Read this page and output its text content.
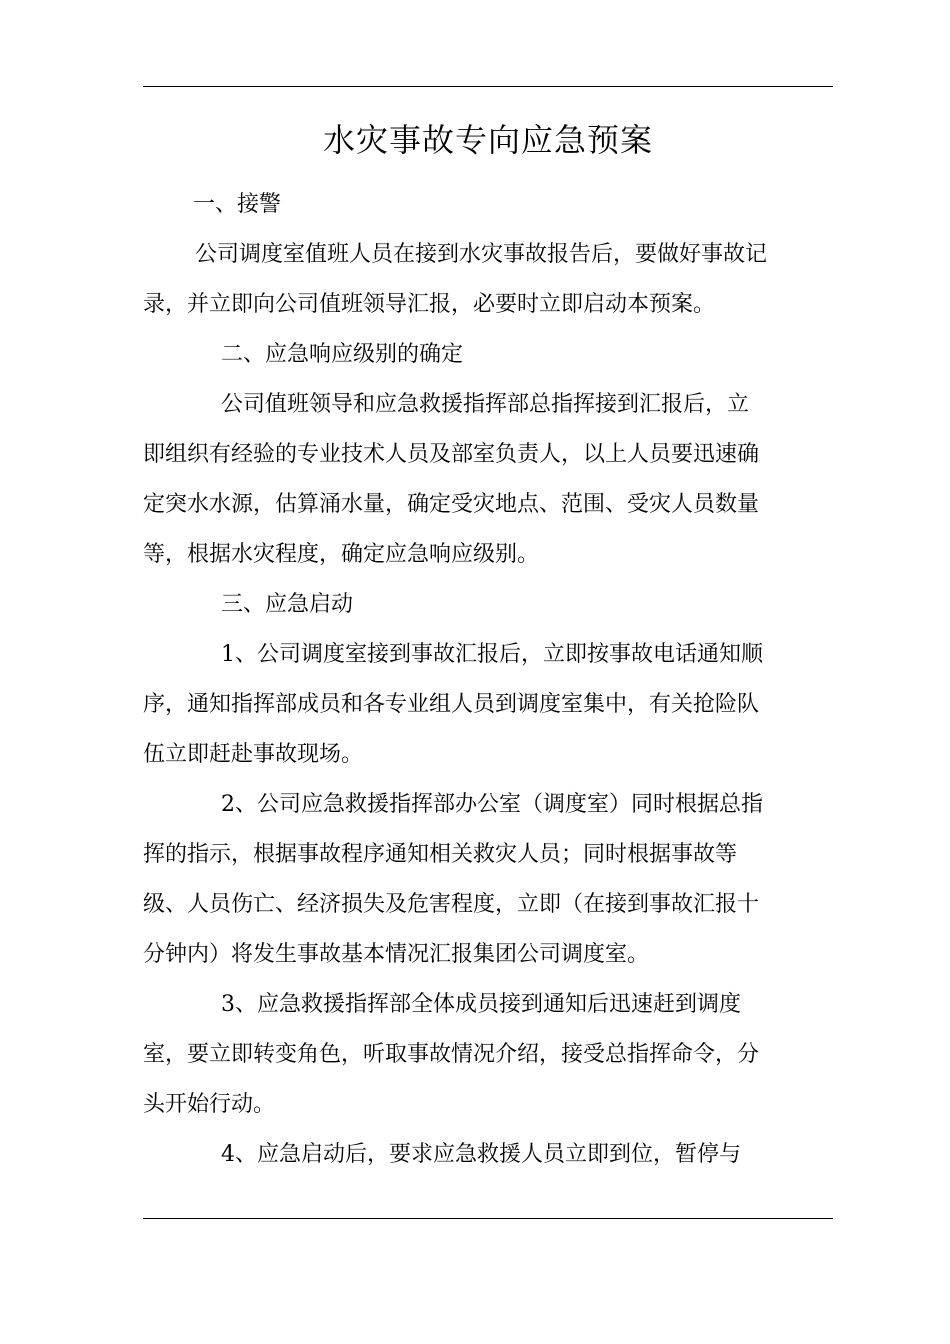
水灾事故专向应急预案

一、接警

公司调度室值班人员在接到水灾事故报告后，要做好事故记

录，并立即向公司值班领导汇报，必要时立即启动本预案。

二、应急响应级别的确定

公司值班领导和应急救援指挥部总指挥接到汇报后，立

即组织有经验的专业技术人员及部室负责人，以上人员要迅速确

定突水水源，估算涌水量，确定受灾地点、范围、受灾人员数量

等，根据水灾程度，确定应急响应级别。

三、应急启动

1、公司调度室接到事故汇报后，立即按事故电话通知顺

序，通知指挥部成员和各专业组人员到调度室集中，有关抢险队

伍立即赶赴事故现场。

2、公司应急救援指挥部办公室（调度室）同时根据总指

挥的指示，根据事故程序通知相关救灾人员；同时根据事故等

级、人员伤亡、经济损失及危害程度，立即（在接到事故汇报十

分钟内）将发生事故基本情况汇报集团公司调度室。

3、应急救援指挥部全体成员接到通知后迅速赶到调度

室，要立即转变角色，听取事故情况介绍，接受总指挥命令，分

头开始行动。

4、应急启动后，要求应急救援人员立即到位，暂停与
